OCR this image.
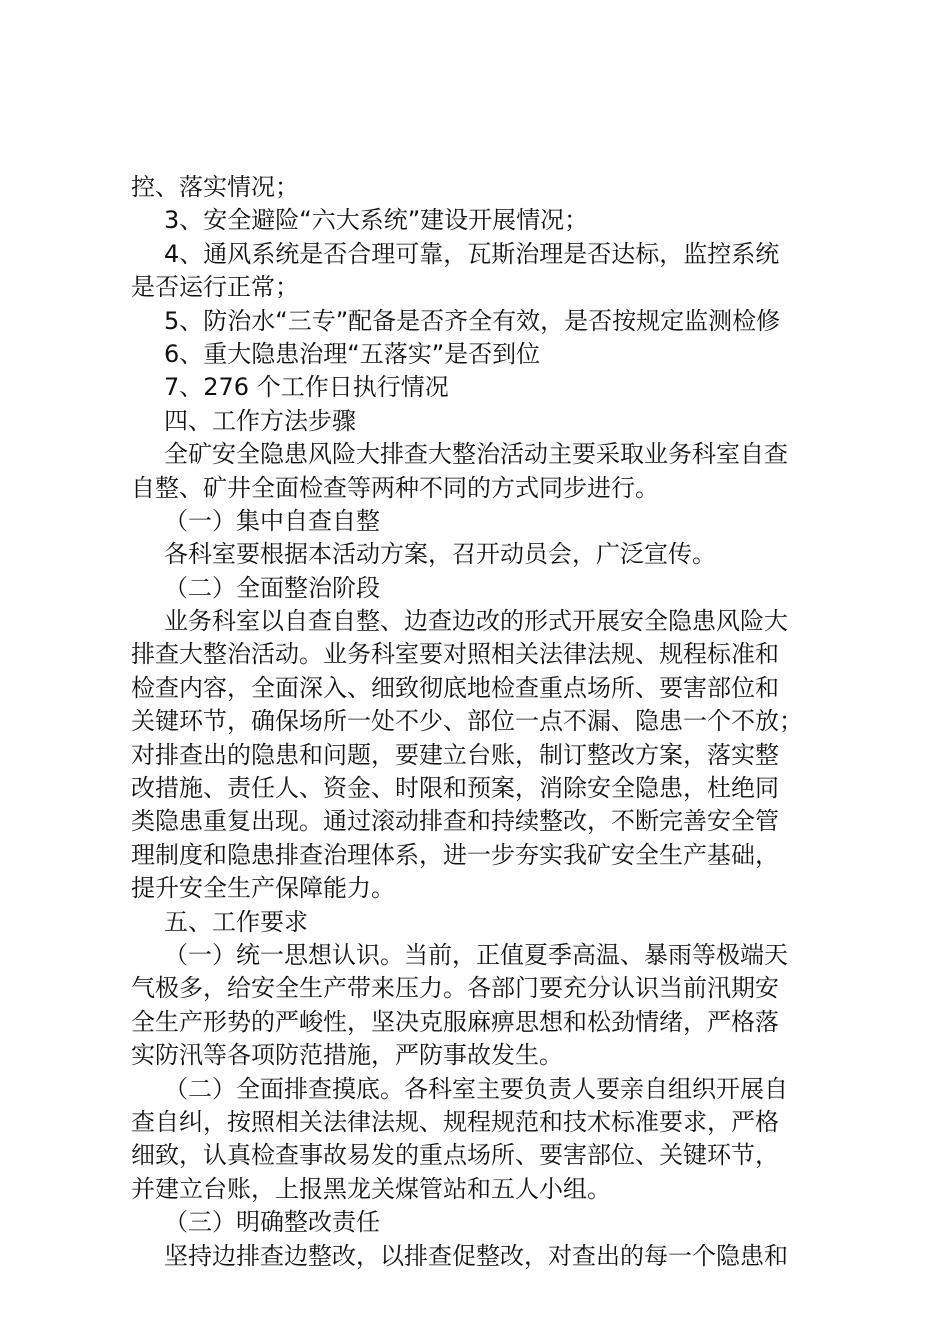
控、落实情况；
3、安全避险“六大系统”建设开展情况；
4、通风系统是否合理可靠，瓦斯治理是否达标，监控系统
是否运行正常；
5、防治水“三专”配备是否齐全有效，是否按规定监测检修
6、重大隐患治理“五落实”是否到位
7、276 个工作日执行情况
四、工作方法步骤
全矿安全隐患风险大排查大整治活动主要采取业务科室自查
自整、矿井全面检查等两种不同的方式同步进行。
（一）集中自查自整
各科室要根据本活动方案，召开动员会，广泛宣传。
（二）全面整治阶段
业务科室以自查自整、边查边改的形式开展安全隐患风险大
排查大整治活动。业务科室要对照相关法律法规、规程标准和
检查内容，全面深入、细致彻底地检查重点场所、要害部位和
关键环节，确保场所一处不少、部位一点不漏、隐患一个不放；
对排查出的隐患和问题，要建立台账，制订整改方案，落实整
改措施、责任人、资金、时限和预案，消除安全隐患，杜绝同
类隐患重复出现。通过滚动排查和持续整改，不断完善安全管
理制度和隐患排查治理体系，进一步夯实我矿安全生产基础，
提升安全生产保障能力。
五、工作要求
（一）统一思想认识。当前，正值夏季高温、暴雨等极端天
气极多，给安全生产带来压力。各部门要充分认识当前汛期安
全生产形势的严峻性，坚决克服麻痹思想和松劲情绪，严格落
实防汛等各项防范措施，严防事故发生。
（二）全面排查摸底。各科室主要负责人要亲自组织开展自
查自纠，按照相关法律法规、规程规范和技术标准要求，严格
细致，认真检查事故易发的重点场所、要害部位、关键环节，
并建立台账，上报黑龙关煤管站和五人小组。
（三）明确整改责任
坚持边排查边整改，以排查促整改，对查出的每一个隐患和
